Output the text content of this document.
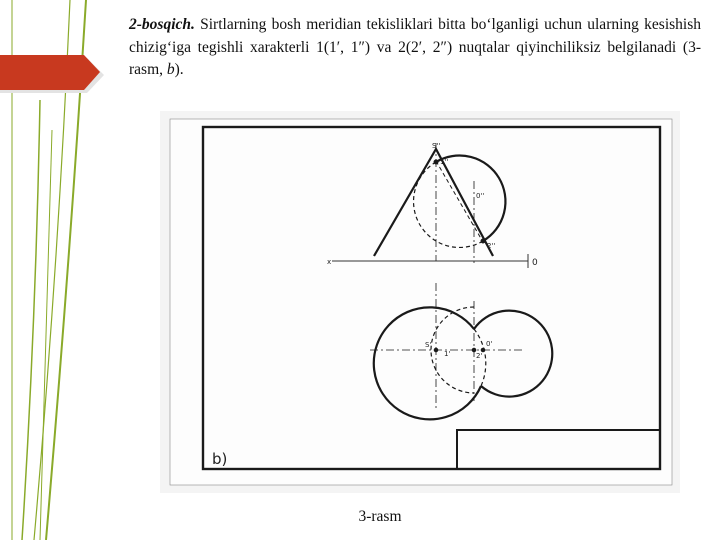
2-bosqich. Sirtlarning bosh meridian tekisliklari bitta bo‘lganligi uchun ularning kesishish chizig‘iga tegishli xarakterli 1(1′, 1″) va 2(2′, 2″) nuqtalar qiyinchiliksiz belgilanadi (3-rasm, b).

S''
1''
0''
2''
x	0
S'
1'
0'
2'
b)
3-rasm
